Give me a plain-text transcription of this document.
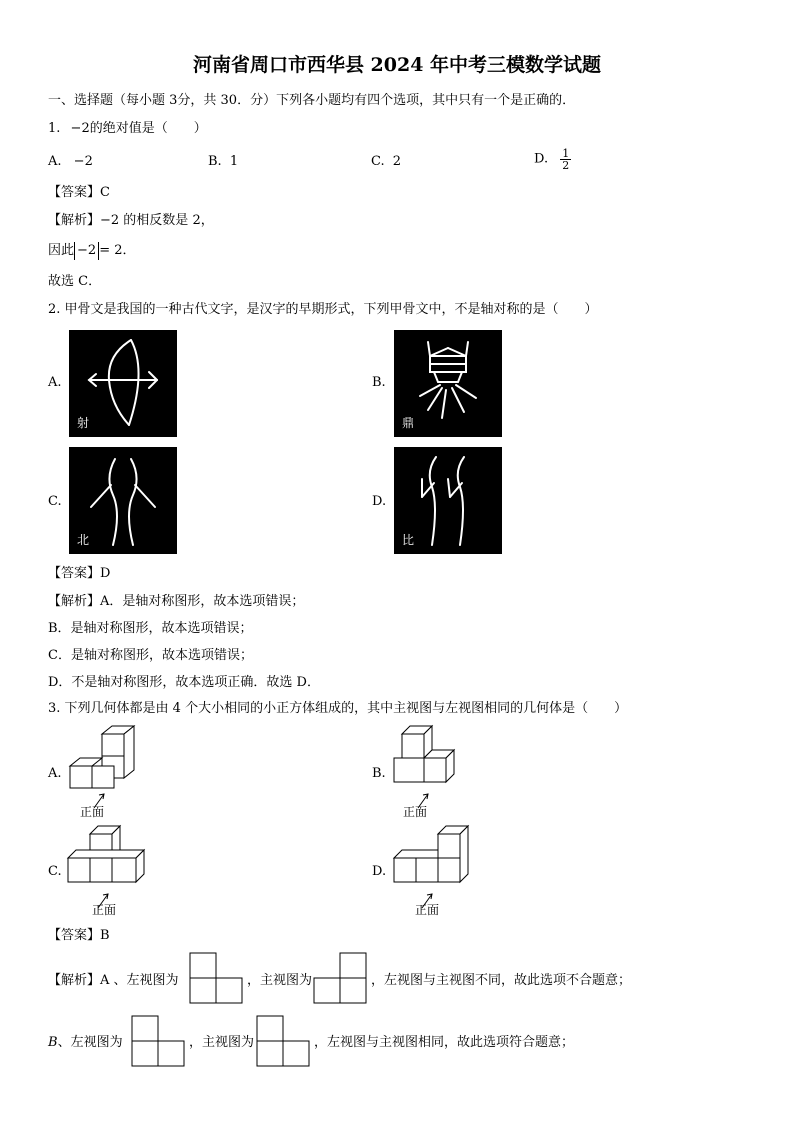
河南省周口市西华县 2024 年中考三模数学试题
一、选择题（每小题 3分，共 30．分）下列各小题均有四个选项，其中只有一个是正确的．
1. −2的绝对值是（　　）
A. −2	B. 1	C. 2	D. $\frac{1}{2}$
【答案】C
【解析】−2 的相反数是 2，
因此 −2 = 2．
故选 C．
2. 甲骨文是我国的一种古代文字，是汉字的早期形式，下列甲骨文中，不是轴对称的是（　　）
A.
射
B.
鼎
C.
北
D.
比
【答案】D
【解析】A．是轴对称图形，故本选项错误；
B．是轴对称图形，故本选项错误；
C．是轴对称图形，故本选项错误；
D．不是轴对称图形，故本选项正确．故选 D．
3. 下列几何体都是由 4 个大小相同的小正方体组成的，其中主视图与左视图相同的几何体是（　　）
A.
正面
B.
正面
C.
正面
D.
正面
【答案】B
【解析】A 、左视图为	，主视图为	，左视图与主视图不同，故此选项不合题意；
B、左视图为	，主视图为	，左视图与主视图相同，故此选项符合题意；
